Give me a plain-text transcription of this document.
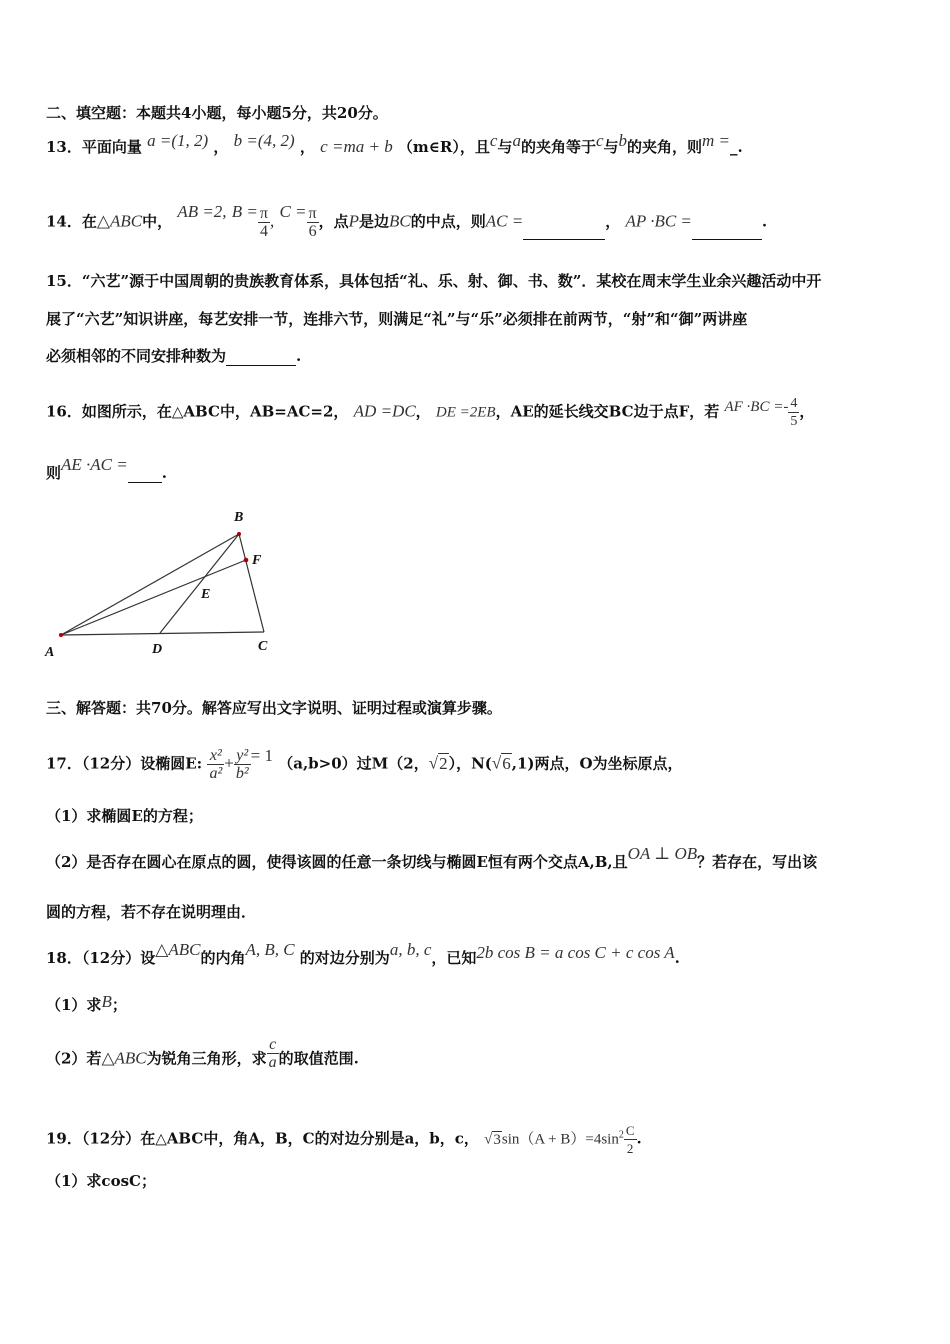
二、填空题：本题共4小题，每小题5分，共20分。
13．平面向量 a =(1, 2) ， b =(4, 2) ， c =ma + b （m∈R），且c与a的夹角等于c与b的夹角，则m =_.
14．在△ABC中， AB =2, $B = \frac{\pi}{4}$ , $C = \frac{\pi}{6}$ ，点P是边BC的中点，则AC =	， AP ·BC =	.
15．“六艺”源于中国周朝的贵族教育体系，具体包括“礼、乐、射、御、书、数”．某校在周末学生业余兴趣活动中开
展了“六艺”知识讲座，每艺安排一节，连排六节，则满足“礼”与“乐”必须排在前两节，“射”和“御”两讲座
必须相邻的不同安排种数为	.
16．如图所示，在△ABC中，AB=AC=2， AD =DC， DE =2EB，AE的延长线交BC边于点F，若 AF $\cdot BC =- \frac{4}{5}$ ，
则AE ·AC = .
A
B
C
D
E
F
三、解答题：共70分。解答应写出文字说明、证明过程或演算步骤。
17．（12分）设椭圆E: $\frac{\text{x²}}{\text{a²}} + \frac{\text{y²}}{\text{b²}} = 1$ （a,b>0）过M（2，√2），N(√6,1)两点，O为坐标原点，
（1）求椭圆E的方程；
（2）是否存在圆心在原点的圆，使得该圆的任意一条切线与椭圆E恒有两个交点A,B,且OA ⊥ OB？若存在，写出该
圆的方程，若不存在说明理由．
18．（12分）设△ABC的内角A, B, C 的对边分别为a, b, c，已知2b cos B = a cos C + c cos A.
（1）求B；
（2）若△ABC为锐角三角形，求 $\frac{c}{a}$ 的取值范围.
19．（12分）在△ABC中，角A，B，C的对边分别是a，b，c， $√3\sin(A + B)=4\sin^2 \frac{C}{2}$ .
（1）求cosC；
